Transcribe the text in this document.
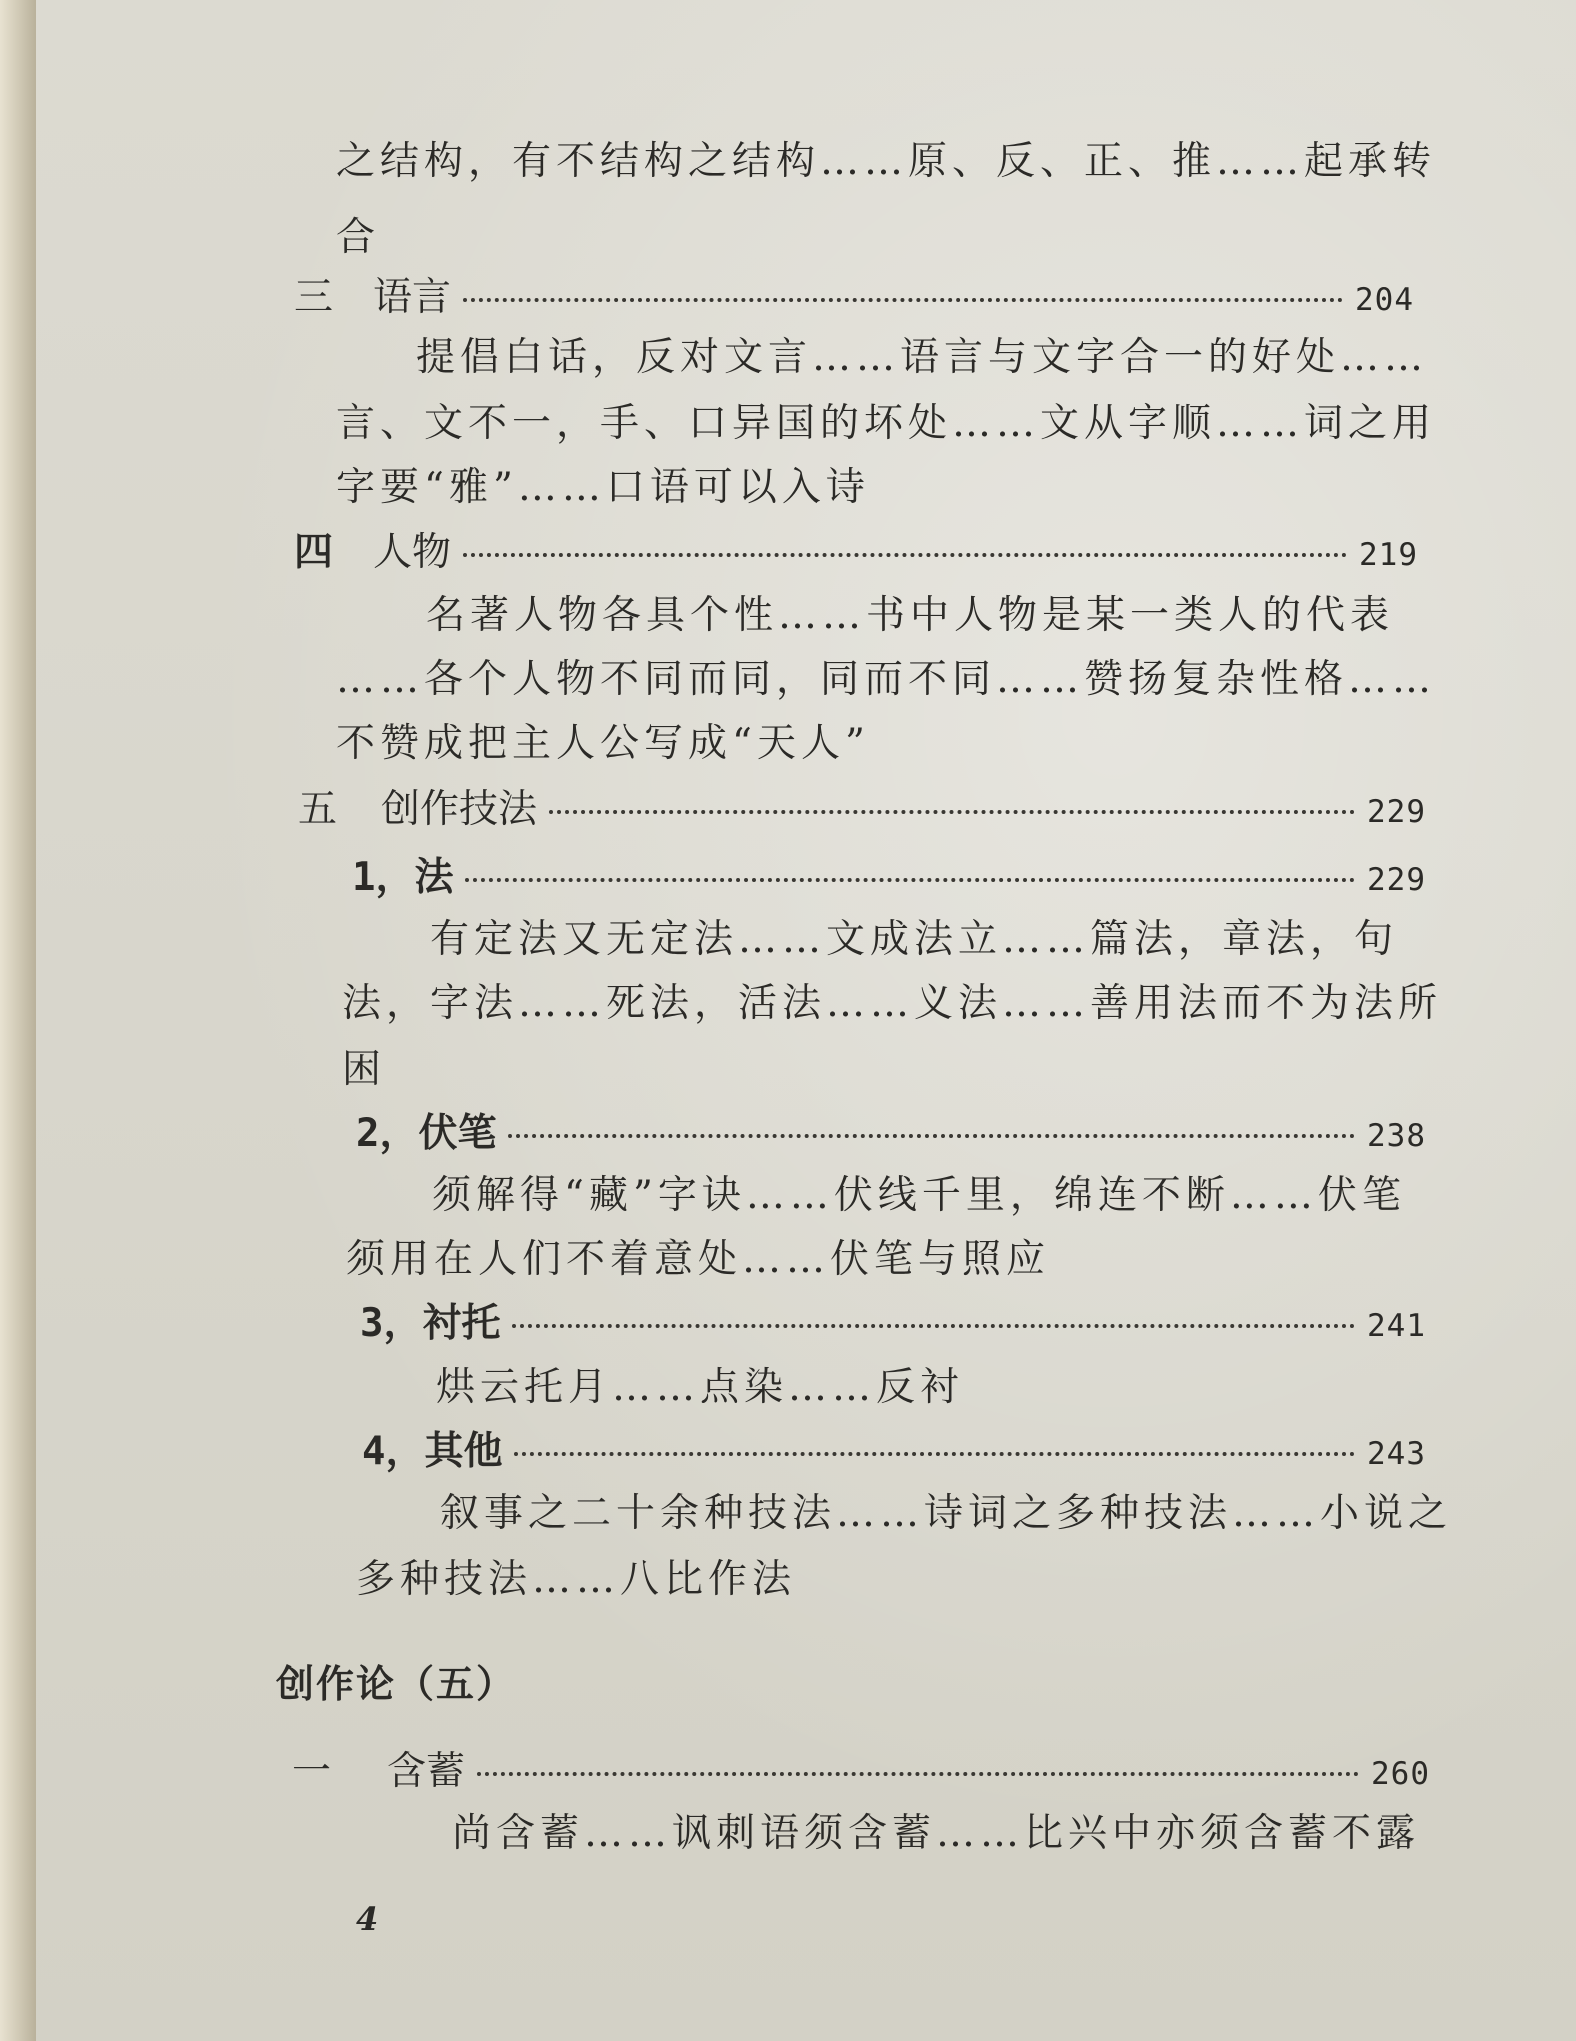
之结构，有不结构之结构……原、反、正、推……起承转
合
三 语言	204
提倡白话，反对文言……语言与文字合一的好处……
言、文不一，手、口异国的坏处……文从字顺……词之用
字要“雅”……口语可以入诗
四 人物	219
名著人物各具个性……书中人物是某一类人的代表
……各个人物不同而同，同而不同……赞扬复杂性格……
不赞成把主人公写成“天人”
五 创作技法	229
1，法	229
有定法又无定法……文成法立……篇法，章法，句
法，字法……死法，活法……义法……善用法而不为法所
困
2，伏笔	238
须解得“藏”字诀……伏线千里，绵连不断……伏笔
须用在人们不着意处……伏笔与照应
3，衬托	241
烘云托月……点染……反衬
4，其他	243
叙事之二十余种技法……诗词之多种技法……小说之
多种技法……八比作法
创作论（五）
一 含蓄	260
尚含蓄……讽刺语须含蓄……比兴中亦须含蓄不露
4
